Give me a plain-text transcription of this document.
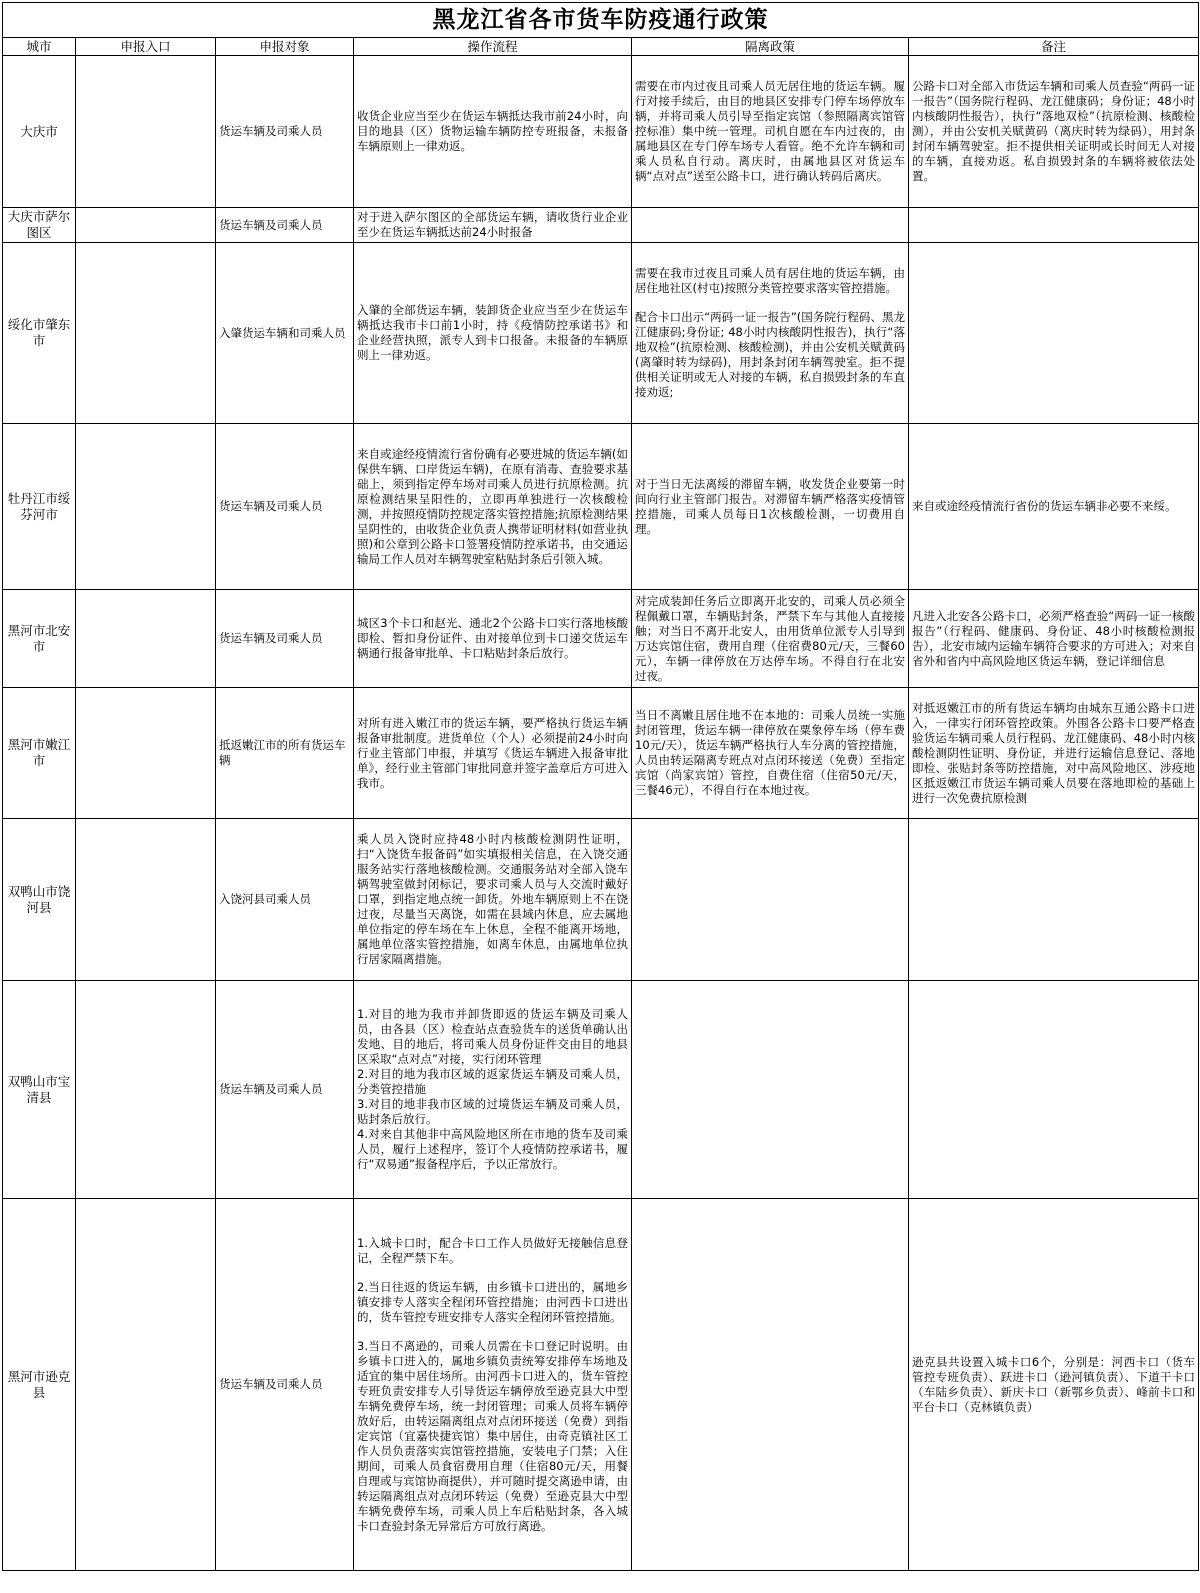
黑龙江省各市货车防疫通行政策					
城市	申报入口	申报对象	操作流程	隔离政策	备注
大庆市		货运车辆及司乘人员	收货企业应当至少在货运车辆抵达我市前24小时，向目的地县（区）货物运输车辆防控专班报备，未报备车辆原则上一律劝返。	需要在市内过夜且司乘人员无居住地的货运车辆。履行对接手续后，由目的地县区安排专门停车场停放车辆，并将司乘人员引导至指定宾馆（参照隔离宾馆管控标准）集中统一管理。司机自愿在车内过夜的，由属地县区在专门停车场专人看管。绝不允许车辆和司乘人员私自行动。离庆时，由属地县区对货运车辆“点对点”送至公路卡口，进行确认转码后离庆。	公路卡口对全部入市货运车辆和司乘人员查验“两码一证一报告”（国务院行程码、龙江健康码；身份证；48小时内核酸阴性报告），执行“落地双检”（抗原检测、核酸检测），并由公安机关赋黄码（离庆时转为绿码），用封条封闭车辆驾驶室。拒不提供相关证明或长时间无人对接的车辆，直接劝返。私自损毁封条的车辆将被依法处置。
大庆市萨尔图区		货运车辆及司乘人员	对于进入萨尔图区的全部货运车辆，请收货行业企业至少在货运车辆抵达前24小时报备		
绥化市肇东市		入肇货运车辆和司乘人员	入肇的全部货运车辆，装卸货企业应当至少在货运车辆抵达我市卡口前1小时，持《疫情防控承诺书》和企业经营执照，派专人到卡口报备。未报备的车辆原则上一律劝返。	需要在我市过夜且司乘人员有居住地的货运车辆，由居住地社区(村屯)按照分类管控要求落实管控措施。
配合卡口出示“两码一证一报告”(国务院行程码、黑龙江健康码;身份证; 48小时内核酸阴性报告)，执行“落地双检”(抗原检测、核酸检测)，并由公安机关赋黄码(离肇时转为绿码)，用封条封闭车辆驾驶室。拒不提供相关证明或无人对接的车辆，私自损毁封条的车直接劝返;	

牡丹江市绥芬河市		货运车辆及司乘人员	来自或途经疫情流行省份确有必要进城的货运车辆(如保供车辆、口岸货运车辆)，在原有消毒、查验要求基础上，须到指定停车场对司乘人员进行抗原检测。抗原检测结果呈阳性的，立即再单独进行一次核酸检测，并按照疫情防控规定落实管控措施;抗原检测结果呈阴性的，由收货企业负责人携带证明材料(如营业执照)和公章到公路卡口签署疫情防控承诺书，由交通运输局工作人员对车辆驾驶室粘贴封条后引领入城。	对于当日无法离绥的滞留车辆，收发货企业要第一时间向行业主管部门报告。对滞留车辆严格落实疫情管控措施，司乘人员每日1次核酸检测，一切费用自理。	来自或途经疫情流行省份的货运车辆非必要不来绥。
黑河市北安市		货运车辆及司乘人员	城区3个卡口和赵光、通北2个公路卡口实行落地核酸即检、暂扣身份证件、由对接单位到卡口递交货运车辆通行报备审批单、卡口粘贴封条后放行。	对完成装卸任务后立即离开北安的，司乘人员必须全程佩戴口罩，车辆贴封条，严禁下车与其他人直接接触；对当日不离开北安人，由用货单位派专人引导到万达宾馆住宿，费用自理（住宿费80元/天，三餐60元），车辆一律停放在万达停车场。不得自行在北安过夜。	凡进入北安各公路卡口，必须严格查验“两码一证一核酸报告”（行程码、健康码、身份证、48小时核酸检测报告），北安市域内运输车辆符合要求的方可进入；对来自省外和省内中高风险地区货运车辆，登记详细信息
黑河市嫩江市		抵返嫩江市的所有货运车辆	对所有进入嫩江市的货运车辆，要严格执行货运车辆报备审批制度。进货单位（个人）必须提前24小时向行业主管部门申报，并填写《货运车辆进入报备审批单》，经行业主管部门审批同意并签字盖章后方可进入我市。	当日不离嫩且居住地不在本地的：司乘人员统一实施封闭管理，货运车辆一律停放在粟象停车场（停车费10元/天），货运车辆严格执行人车分离的管控措施，人员由转运隔离专班点对点闭环接送（免费）至指定宾馆（尚家宾馆）管控，自费住宿（住宿50元/天，三餐46元），不得自行在本地过夜。	对抵返嫩江市的所有货运车辆均由城东互通公路卡口进入，一律实行闭环管控政策。外围各公路卡口要严格查验货运车辆司乘人员行程码、龙江健康码、48小时内核酸检测阴性证明、身份证，并进行运输信息登记、落地即检、张贴封条等防控措施，对中高风险地区、涉疫地区抵返嫩江市货运车辆司乘人员要在落地即检的基础上进行一次免费抗原检测
双鸭山市饶河县		入饶河县司乘人员	乘人员入饶时应持48小时内核酸检测阴性证明，扫“入饶货车报备码”如实填报相关信息，在入饶交通服务站实行落地核酸检测。交通服务站对全部入饶车辆驾驶室做封闭标记，要求司乘人员与人交流时戴好口罩，到指定地点统一卸货。外地车辆原则上不在饶过夜，尽量当天离饶，如需在县域内休息，应去属地单位指定的停车场在车上休息，全程不能离开场地，属地单位落实管控措施，如离车休息，由属地单位执行居家隔离措施。		
双鸭山市宝清县		货运车辆及司乘人员	1.对目的地为我市并卸货即返的货运车辆及司乘人员，由各县（区）检查站点查验货车的送货单确认出发地、目的地后，将司乘人员身份证件交由目的地县区采取“点对点”对接，实行闭环管理
2.对目的地为我市区域的返家货运车辆及司乘人员，分类管控措施
3.对目的地非我市区域的过境货运车辆及司乘人员，贴封条后放行。
4.对来自其他非中高风险地区所在市地的货车及司乘人员，履行上述程序，签订个人疫情防控承诺书，履行“双易通”报备程序后，予以正常放行。		

黑河市逊克县		货运车辆及司乘人员	1.入城卡口时，配合卡口工作人员做好无接触信息登记，全程严禁下车。
2.当日往返的货运车辆，由乡镇卡口进出的，属地乡镇安排专人落实全程闭环管控措施；由河西卡口进出的，货车管控专班安排专人落实全程闭环管控措施。
3.当日不离逊的，司乘人员需在卡口登记时说明。由乡镇卡口进入的，属地乡镇负责统筹安排停车场地及适宜的集中居住场所。由河西卡口进入的，货车管控专班负责安排专人引导货运车辆停放至逊克县大中型车辆免费停车场，统一封闭管理；司乘人员将车辆停放好后，由转运隔离组点对点闭环接送（免费）到指定宾馆（宜嘉快捷宾馆）集中居住，由奇克镇社区工作人员负责落实宾馆管控措施，安装电子门禁；入住期间，司乘人员食宿费用自理（住宿80元/天，用餐自理或与宾馆协商提供），并可随时提交离逊申请，由转运隔离组点对点闭环转运（免费）至逊克县大中型车辆免费停车场，司乘人员上车后粘贴封条，各入城卡口查验封条无异常后方可放行离逊。		逊克县共设置入城卡口6个，分别是：河西卡口（货车管控专班负责）、跃进卡口（逊河镇负责）、下道干卡口（车陆乡负责）、新庆卡口（新鄂乡负责）、峰前卡口和平台卡口（克林镇负责）
